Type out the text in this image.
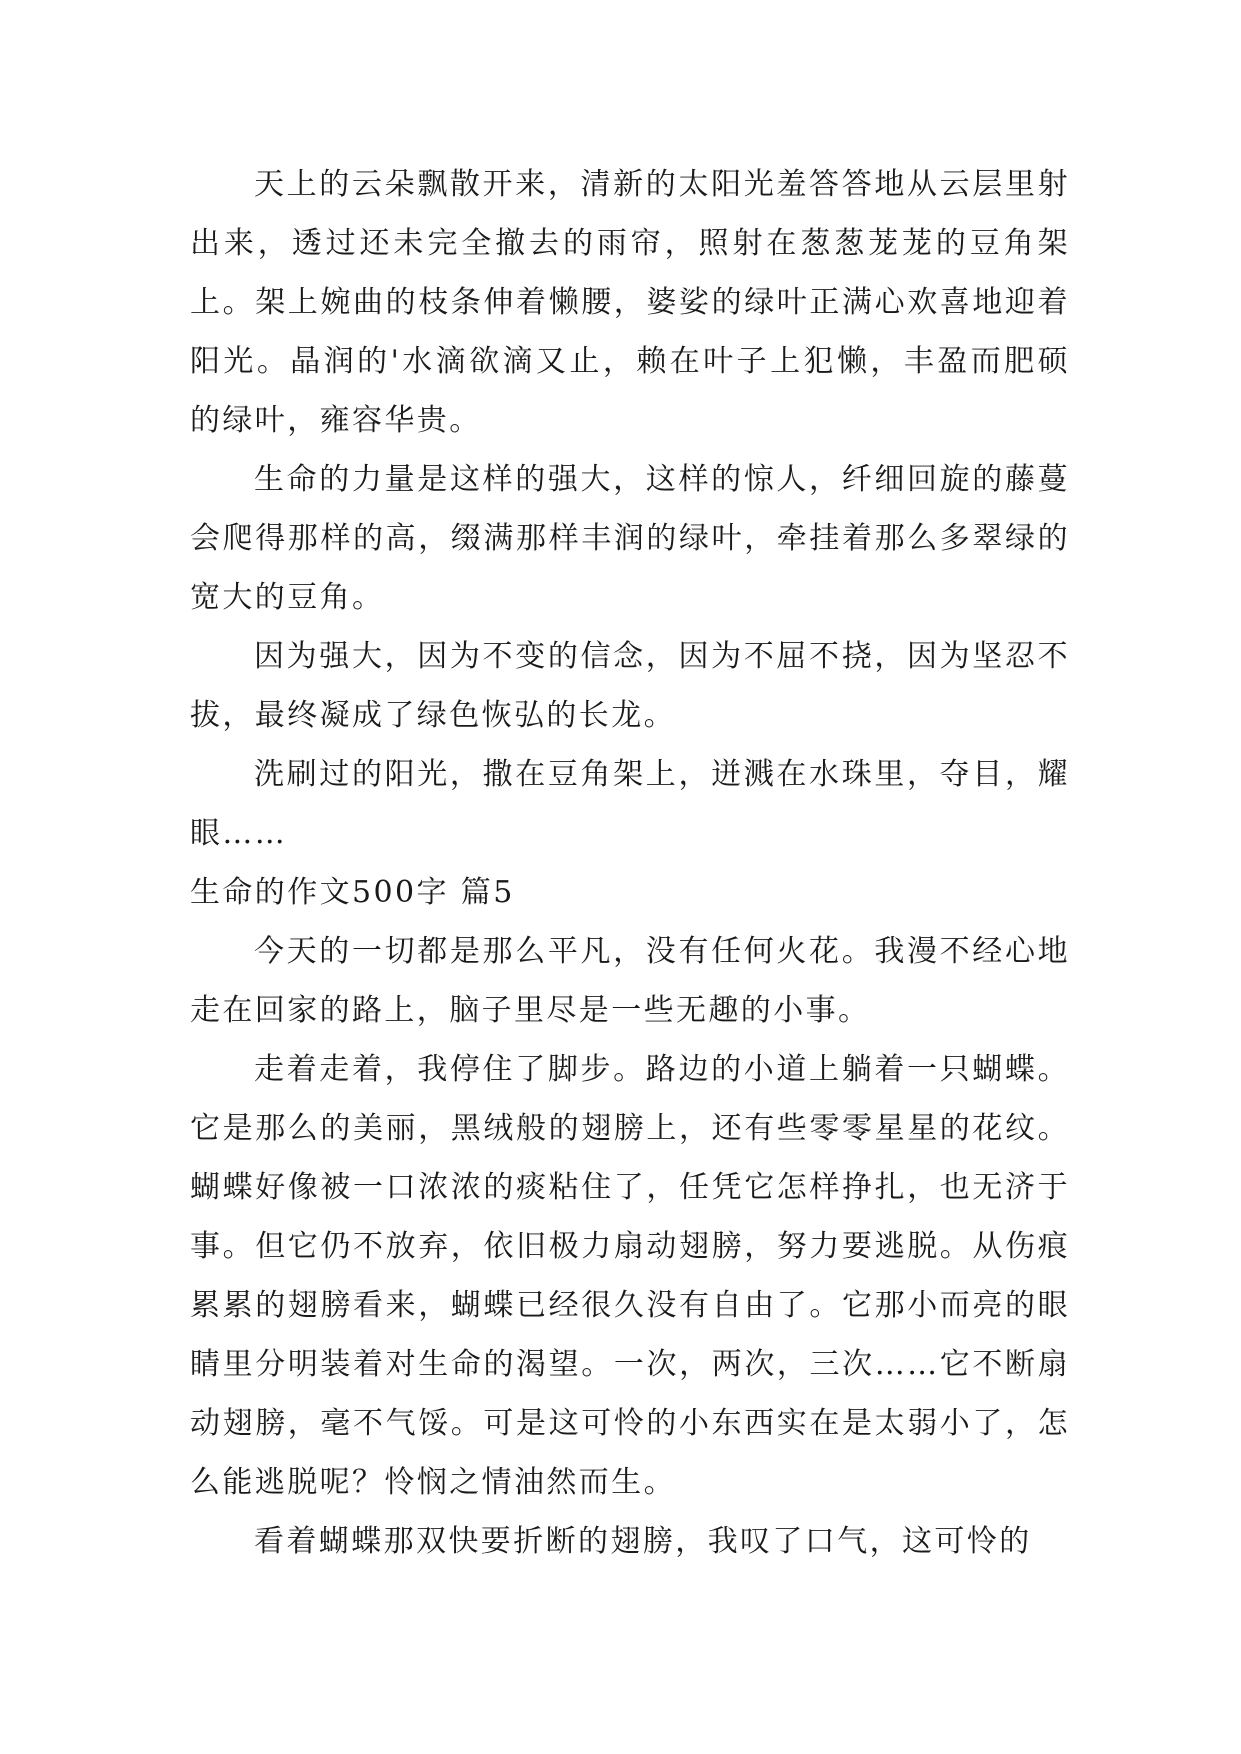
天上的云朵飘散开来，清新的太阳光羞答答地从云层里射出来，透过还未完全撤去的雨帘，照射在葱葱茏茏的豆角架上。架上婉曲的枝条伸着懒腰，婆娑的绿叶正满心欢喜地迎着阳光。晶润的'水滴欲滴又止，赖在叶子上犯懒，丰盈而肥硕的绿叶，雍容华贵。

生命的力量是这样的强大，这样的惊人，纤细回旋的藤蔓会爬得那样的高，缀满那样丰润的绿叶，牵挂着那么多翠绿的宽大的豆角。

因为强大，因为不变的信念，因为不屈不挠，因为坚忍不拔，最终凝成了绿色恢弘的长龙。

洗刷过的阳光，撒在豆角架上，迸溅在水珠里，夺目，耀眼……

生命的作文500字 篇5

今天的一切都是那么平凡，没有任何火花。我漫不经心地走在回家的路上，脑子里尽是一些无趣的小事。

走着走着，我停住了脚步。路边的小道上躺着一只蝴蝶。它是那么的美丽，黑绒般的翅膀上，还有些零零星星的花纹。蝴蝶好像被一口浓浓的痰粘住了，任凭它怎样挣扎，也无济于事。但它仍不放弃，依旧极力扇动翅膀，努力要逃脱。从伤痕累累的翅膀看来，蝴蝶已经很久没有自由了。它那小而亮的眼睛里分明装着对生命的渴望。一次，两次，三次……它不断扇动翅膀，毫不气馁。可是这可怜的小东西实在是太弱小了，怎么能逃脱呢？怜悯之情油然而生。

看着蝴蝶那双快要折断的翅膀，我叹了口气，这可怜的
